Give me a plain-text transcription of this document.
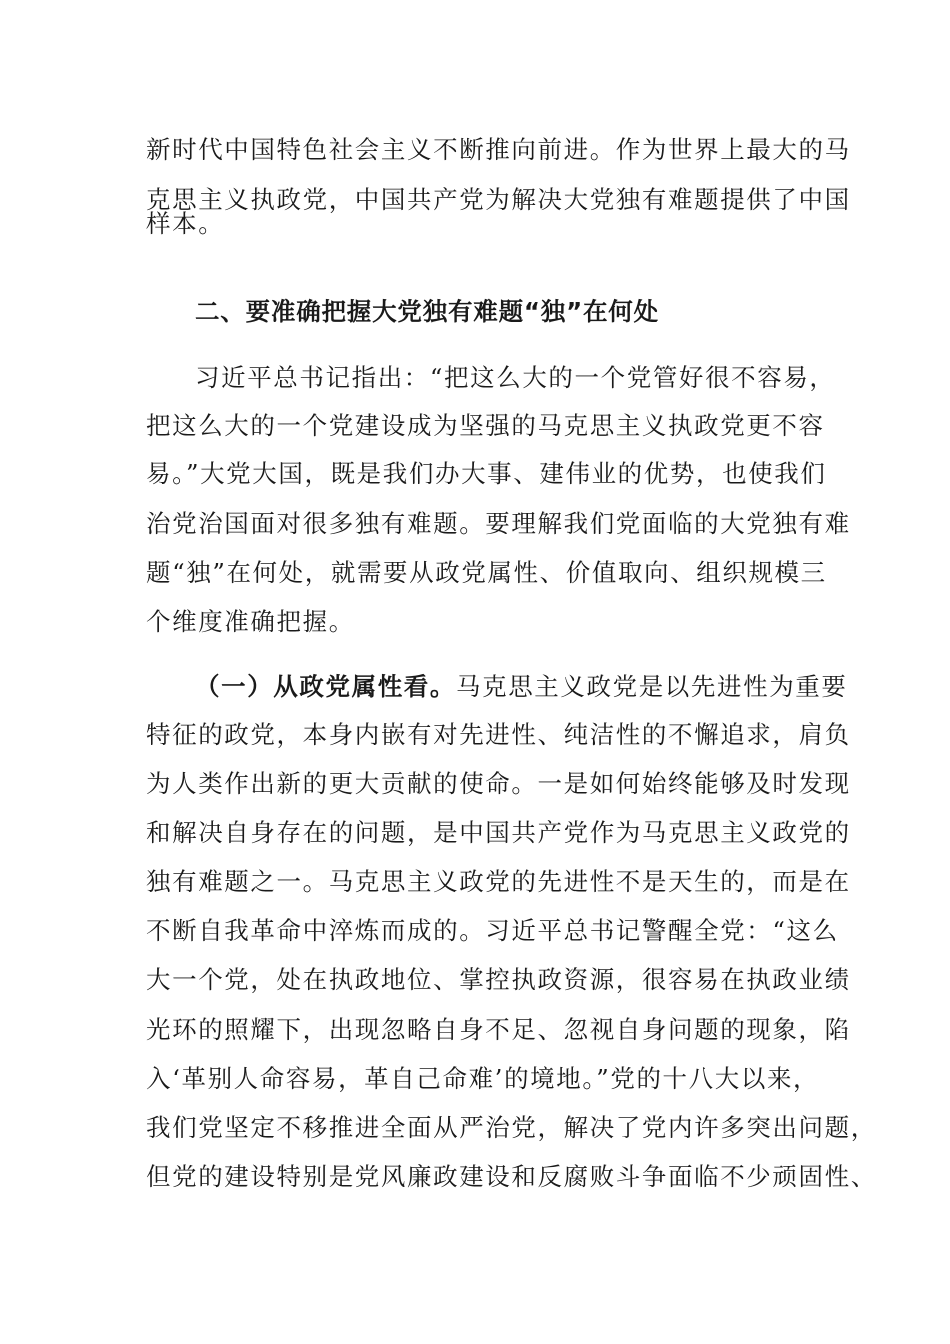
新时代中国特色社会主义不断推向前进。作为世界上最大的马
克思主义执政党，中国共产党为解决大党独有难题提供了中国
样本。
二、要准确把握大党独有难题“独”在何处
习近平总书记指出：“把这么大的一个党管好很不容易，
把这么大的一个党建设成为坚强的马克思主义执政党更不容
易。”大党大国，既是我们办大事、建伟业的优势，也使我们
治党治国面对很多独有难题。要理解我们党面临的大党独有难
题“独”在何处，就需要从政党属性、价值取向、组织规模三
个维度准确把握。
（一）从政党属性看。马克思主义政党是以先进性为重要
特征的政党，本身内嵌有对先进性、纯洁性的不懈追求，肩负
为人类作出新的更大贡献的使命。一是如何始终能够及时发现
和解决自身存在的问题，是中国共产党作为马克思主义政党的
独有难题之一。马克思主义政党的先进性不是天生的，而是在
不断自我革命中淬炼而成的。习近平总书记警醒全党：“这么
大一个党，处在执政地位、掌控执政资源，很容易在执政业绩
光环的照耀下，出现忽略自身不足、忽视自身问题的现象，陷
入‘革别人命容易，革自己命难’的境地。”党的十八大以来，
我们党坚定不移推进全面从严治党，解决了党内许多突出问题，
但党的建设特别是党风廉政建设和反腐败斗争面临不少顽固性、
